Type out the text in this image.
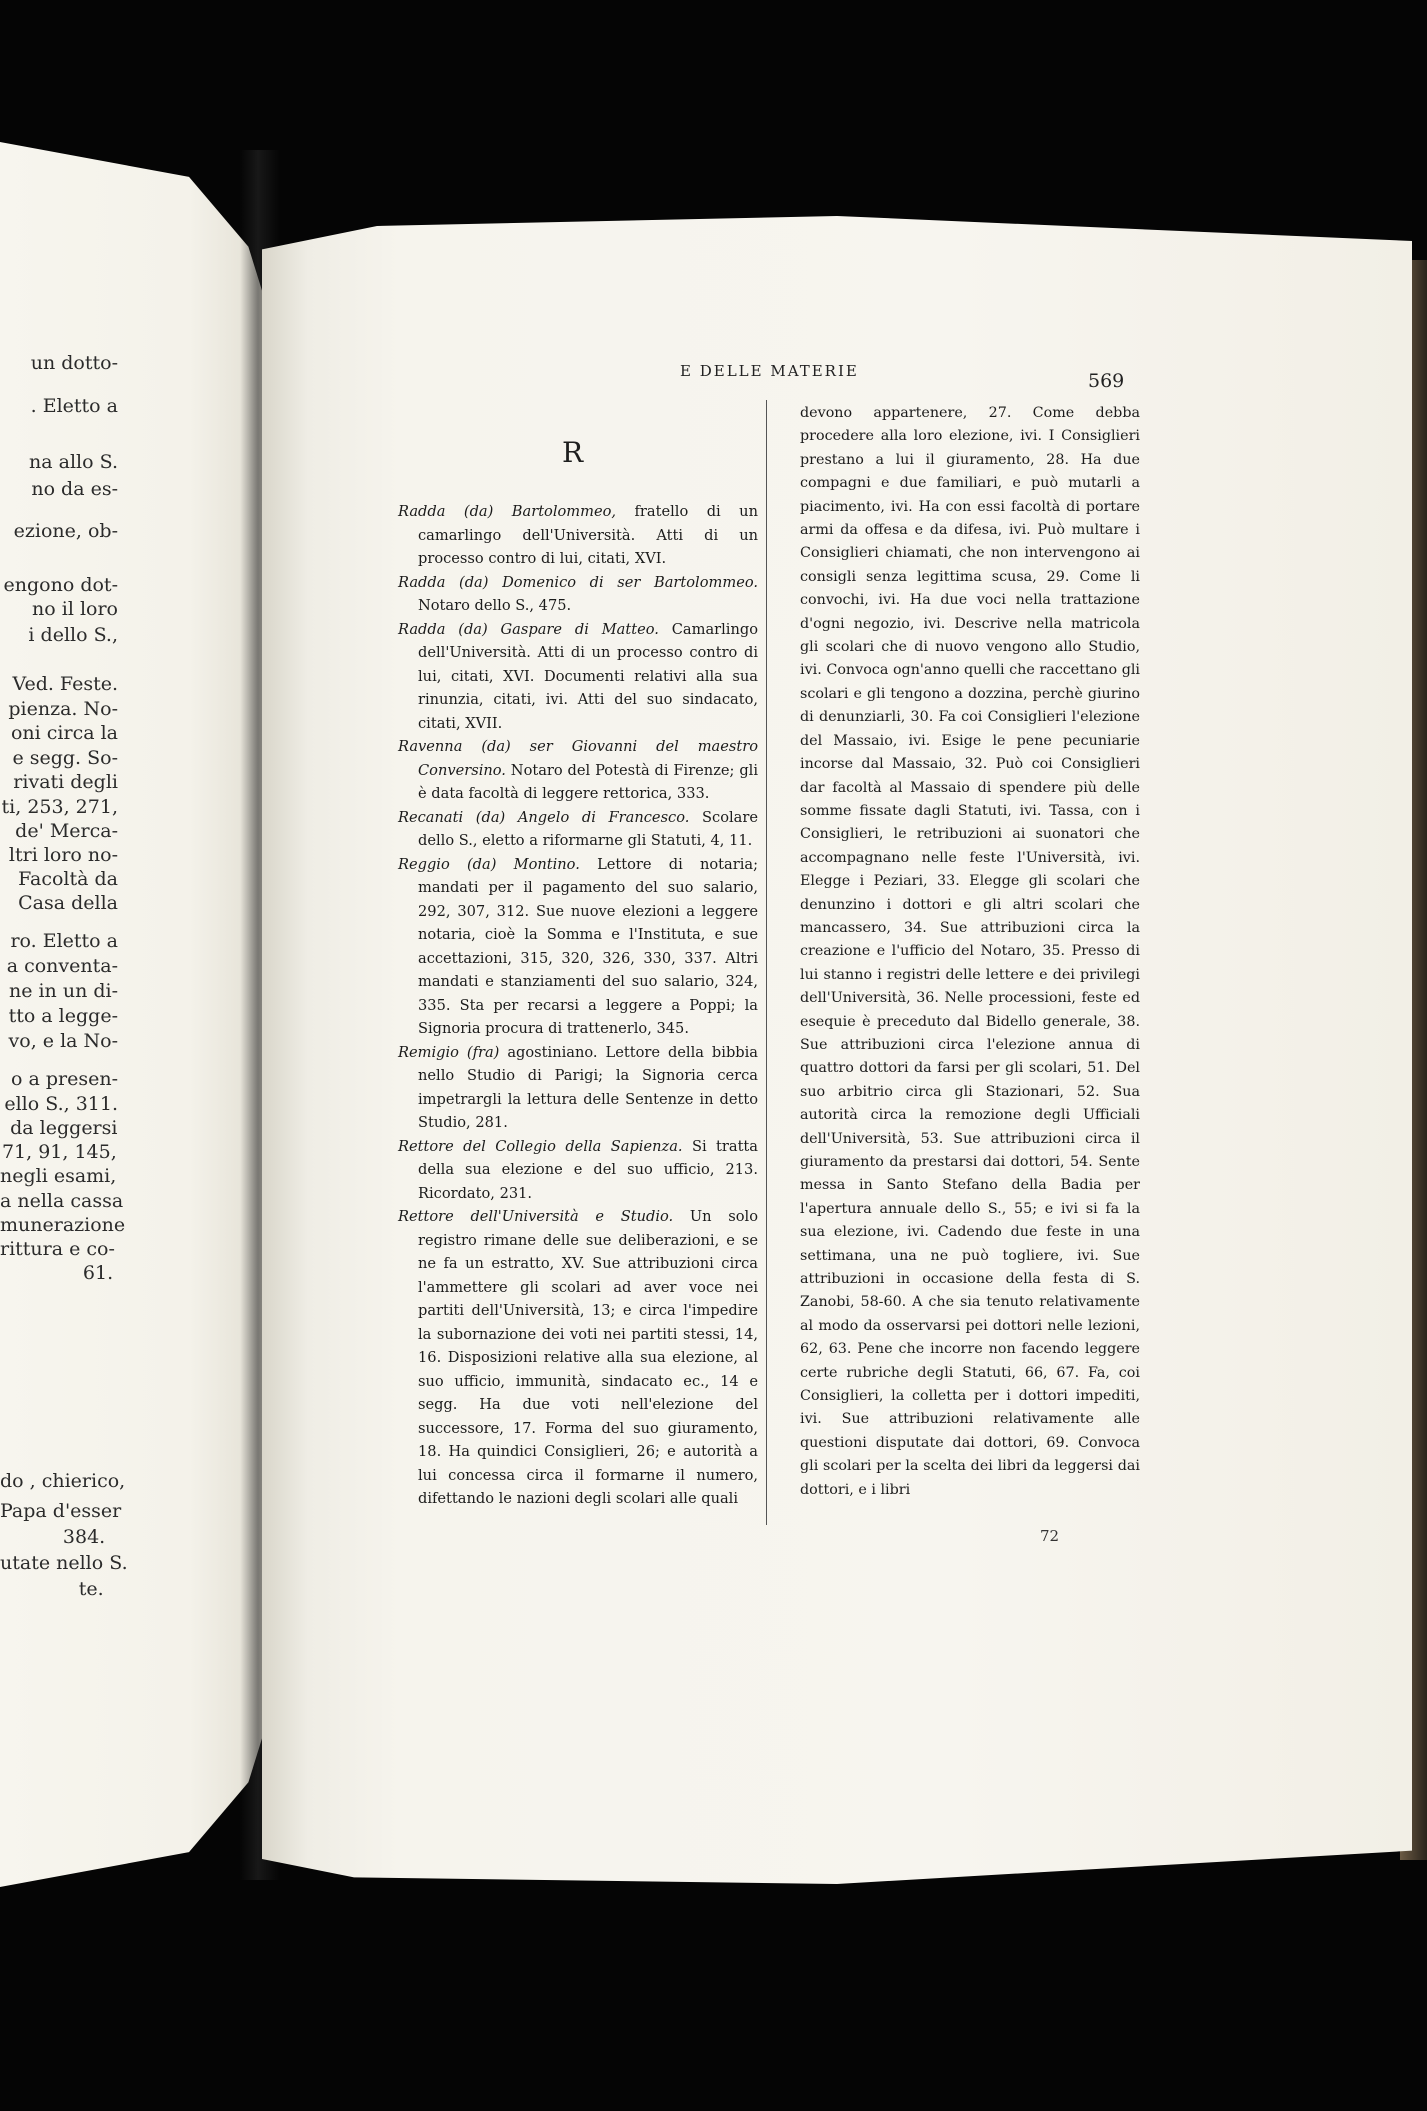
un dotto-
. Eletto a
na allo S.
no da es-
ezione, ob-
engono dot-
no il loro
i dello S.,
Ved. Feste.
pienza. No-
oni circa la
e segg. So-
rivati degli
ti, 253, 271,
de' Merca-
ltri loro no-
Facoltà da
Casa della
ro. Eletto a
a conventa-
ne in un di-
tto a legge-
vo, e la No-
o a presen-
ello S., 311.
da leggersi
71, 91, 145,
negli esami,
a nella cassa
munerazione
rittura e co-
61.
do , chierico,
Papa d'esser
384.
utate nello S.
te.
E DELLE MATERIE	569
R

Radda (da) Bartolommeo, fratello di un camarlingo dell'Università. Atti di un processo contro di lui, citati, XVI.

Radda (da) Domenico di ser Bartolommeo. Notaro dello S., 475.

Radda (da) Gaspare di Matteo. Camarlingo dell'Università. Atti di un processo contro di lui, citati, XVI. Documenti relativi alla sua rinunzia, citati, ivi. Atti del suo sindacato, citati, XVII.

Ravenna (da) ser Giovanni del maestro Conversino. Notaro del Potestà di Firenze; gli è data facoltà di leggere rettorica, 333.

Recanati (da) Angelo di Francesco. Scolare dello S., eletto a riformarne gli Statuti, 4, 11.

Reggio (da) Montino. Lettore di notaria; mandati per il pagamento del suo salario, 292, 307, 312. Sue nuove elezioni a leggere notaria, cioè la Somma e l'Instituta, e sue accettazioni, 315, 320, 326, 330, 337. Altri mandati e stanziamenti del suo salario, 324, 335. Sta per recarsi a leggere a Poppi; la Signoria procura di trattenerlo, 345.

Remigio (fra) agostiniano. Lettore della bibbia nello Studio di Parigi; la Signoria cerca impetrargli la lettura delle Sentenze in detto Studio, 281.

Rettore del Collegio della Sapienza. Si tratta della sua elezione e del suo ufficio, 213. Ricordato, 231.

Rettore dell'Università e Studio. Un solo registro rimane delle sue deliberazioni, e se ne fa un estratto, XV. Sue attribuzioni circa l'ammettere gli scolari ad aver voce nei partiti dell'Università, 13; e circa l'impedire la subornazione dei voti nei partiti stessi, 14, 16. Disposizioni relative alla sua elezione, al suo ufficio, immunità, sindacato ec., 14 e segg. Ha due voti nell'elezione del successore, 17. Forma del suo giuramento, 18. Ha quindici Consiglieri, 26; e autorità a lui concessa circa il formarne il numero, difettando le nazioni degli scolari alle quali

devono appartenere, 27. Come debba procedere alla loro elezione, ivi. I Consiglieri prestano a lui il giuramento, 28. Ha due compagni e due familiari, e può mutarli a piacimento, ivi. Ha con essi facoltà di portare armi da offesa e da difesa, ivi. Può multare i Consiglieri chiamati, che non intervengono ai consigli senza legittima scusa, 29. Come li convochi, ivi. Ha due voci nella trattazione d'ogni negozio, ivi. Descrive nella matricola gli scolari che di nuovo vengono allo Studio, ivi. Convoca ogn'anno quelli che raccettano gli scolari e gli tengono a dozzina, perchè giurino di denunziarli, 30. Fa coi Consiglieri l'elezione del Massaio, ivi. Esige le pene pecuniarie incorse dal Massaio, 32. Può coi Consiglieri dar facoltà al Massaio di spendere più delle somme fissate dagli Statuti, ivi. Tassa, con i Consiglieri, le retribuzioni ai suonatori che accompagnano nelle feste l'Università, ivi. Elegge i Peziari, 33. Elegge gli scolari che denunzino i dottori e gli altri scolari che mancassero, 34. Sue attribuzioni circa la creazione e l'ufficio del Notaro, 35. Presso di lui stanno i registri delle lettere e dei privilegi dell'Università, 36. Nelle processioni, feste ed esequie è preceduto dal Bidello generale, 38. Sue attribuzioni circa l'elezione annua di quattro dottori da farsi per gli scolari, 51. Del suo arbitrio circa gli Stazionari, 52. Sua autorità circa la remozione degli Ufficiali dell'Università, 53. Sue attribuzioni circa il giuramento da prestarsi dai dottori, 54. Sente messa in Santo Stefano della Badia per l'apertura annuale dello S., 55; e ivi si fa la sua elezione, ivi. Cadendo due feste in una settimana, una ne può togliere, ivi. Sue attribuzioni in occasione della festa di S. Zanobi, 58-60. A che sia tenuto relativamente al modo da osservarsi pei dottori nelle lezioni, 62, 63. Pene che incorre non facendo leggere certe rubriche degli Statuti, 66, 67. Fa, coi Consiglieri, la colletta per i dottori impediti, ivi. Sue attribuzioni relativamente alle questioni disputate dai dottori, 69. Convoca gli scolari per la scelta dei libri da leggersi dai dottori, e i libri

72
